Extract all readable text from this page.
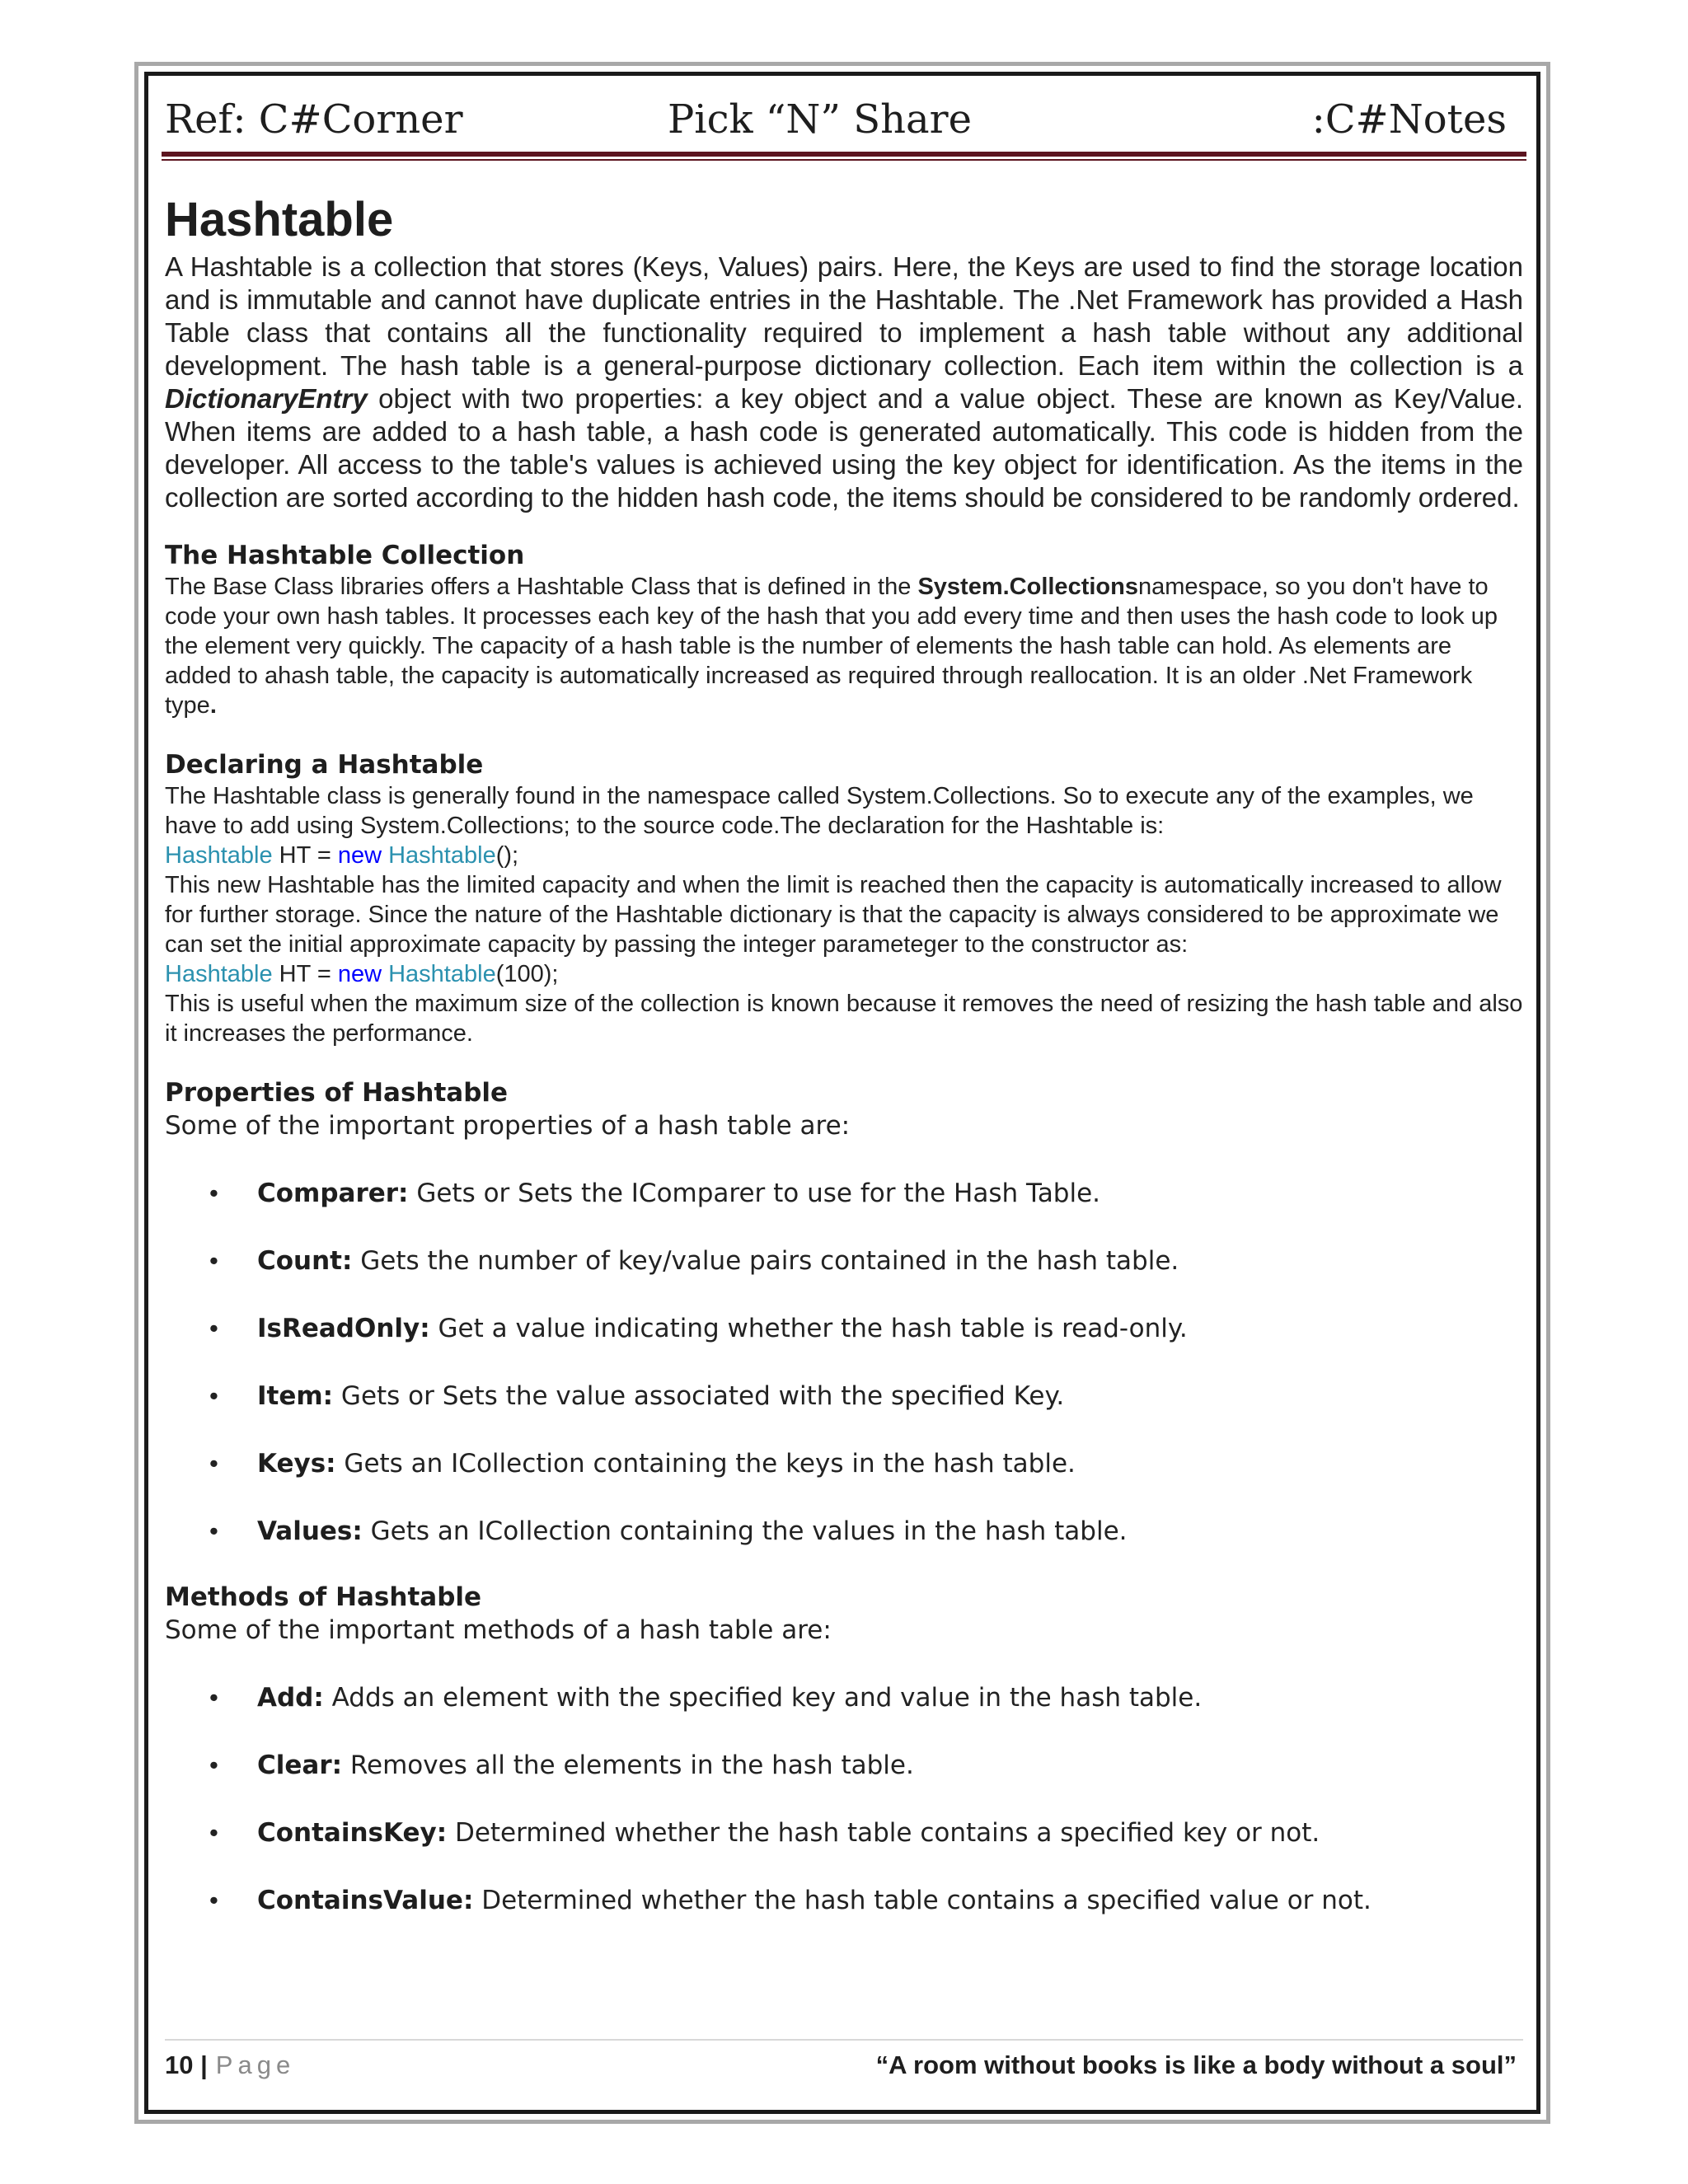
Ref: C#Corner	Pick “N” Share	:C#Notes
Hashtable

A Hashtable is a collection that stores (Keys, Values) pairs. Here, the Keys are used to find the storage location and is immutable and cannot have duplicate entries in the Hashtable. The .Net Framework has provided a Hash Table class that contains all the functionality required to implement a hash table without any additional development. The hash table is a general-purpose dictionary collection. Each item within the collection is a DictionaryEntry object with two properties: a key object and a value object. These are known as Key/Value. When items are added to a hash table, a hash code is generated automatically. This code is hidden from the developer. All access to the table's values is achieved using the key object for identification. As the items in the collection are sorted according to the hidden hash code, the items should be considered to be randomly ordered.

The Hashtable Collection

The Base Class libraries offers a Hashtable Class that is defined in the System.Collectionsnamespace, so you don't have to code your own hash tables. It processes each key of the hash that you add every time and then uses the hash code to look up the element very quickly. The capacity of a hash table is the number of elements the hash table can hold. As elements are added to ahash table, the capacity is automatically increased as required through reallocation. It is an older .Net Framework type.

Declaring a Hashtable

The Hashtable class is generally found in the namespace called System.Collections. So to execute any of the examples, we have to add using System.Collections; to the source code.The declaration for the Hashtable is:

Hashtable HT = new Hashtable();

This new Hashtable has the limited capacity and when the limit is reached then the capacity is automatically increased to allow for further storage. Since the nature of the Hashtable dictionary is that the capacity is always considered to be approximate we can set the initial approximate capacity by passing the integer parameteger to the constructor as:

Hashtable HT = new Hashtable(100);

This is useful when the maximum size of the collection is known because it removes the need of resizing the hash table and also it increases the performance.

Properties of Hashtable

Some of the important properties of a hash table are:

• Comparer: Gets or Sets the IComparer to use for the Hash Table.
• Count: Gets the number of key/value pairs contained in the hash table.
• IsReadOnly: Get a value indicating whether the hash table is read-only.
• Item: Gets or Sets the value associated with the specified Key.
• Keys: Gets an ICollection containing the keys in the hash table.
• Values: Gets an ICollection containing the values in the hash table.
Methods of Hashtable

Some of the important methods of a hash table are:

• Add: Adds an element with the specified key and value in the hash table.
• Clear: Removes all the elements in the hash table.
• ContainsKey: Determined whether the hash table contains a specified key or not.
• ContainsValue: Determined whether the hash table contains a specified value or not.
10 | Page	“A room without books is like a body without a soul”
